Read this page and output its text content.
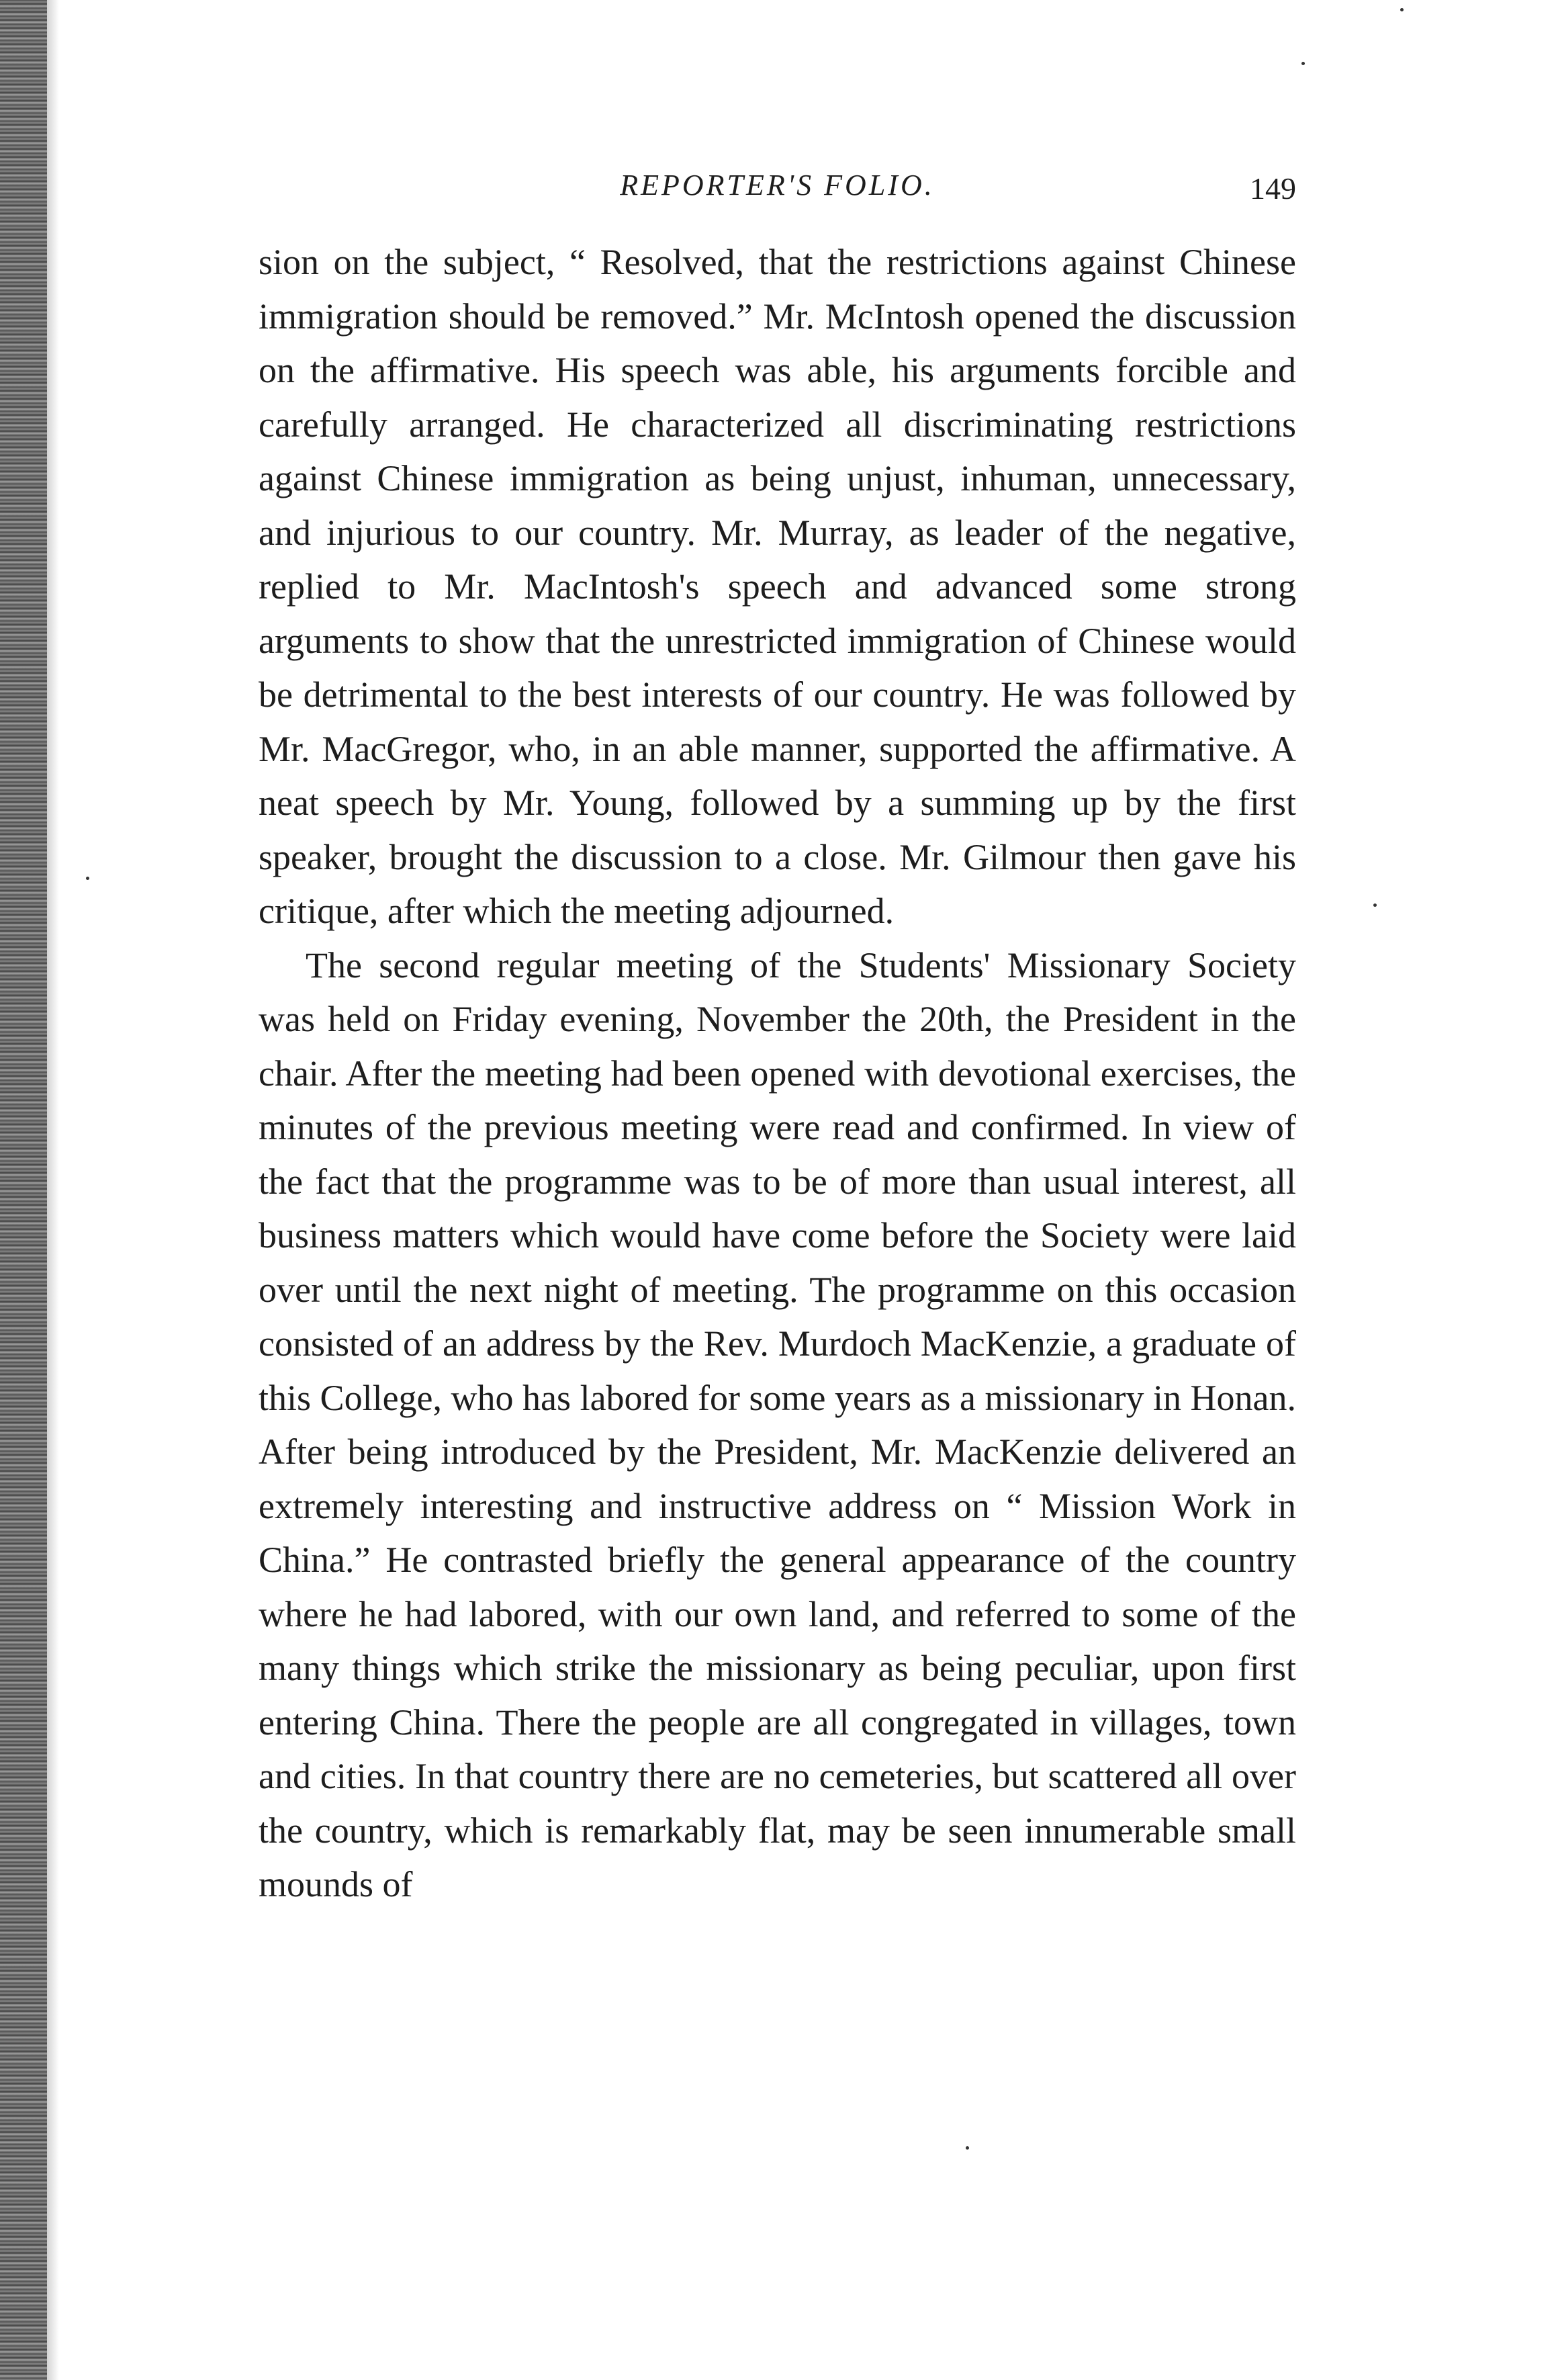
REPORTER'S FOLIO.	149

sion on the subject, “ Resolved, that the restrictions against Chinese immigration should be removed.” Mr. McIntosh opened the discussion on the affirmative. His speech was able, his arguments forcible and carefully arranged. He characterized all discriminating restrictions against Chinese immigration as being unjust, inhuman, unnecessary, and injurious to our country. Mr. Murray, as leader of the negative, replied to Mr. MacIntosh's speech and advanced some strong arguments to show that the unrestricted immigration of Chinese would be detrimental to the best interests of our country. He was followed by Mr. MacGregor, who, in an able manner, supported the affirmative. A neat speech by Mr. Young, followed by a summing up by the first speaker, brought the discussion to a close. Mr. Gilmour then gave his critique, after which the meeting adjourned.

The second regular meeting of the Students' Missionary Society was held on Friday evening, November the 20th, the President in the chair. After the meeting had been opened with devotional exercises, the minutes of the previous meeting were read and confirmed. In view of the fact that the programme was to be of more than usual interest, all business matters which would have come before the Society were laid over until the next night of meeting. The programme on this occasion consisted of an address by the Rev. Murdoch MacKenzie, a graduate of this College, who has labored for some years as a missionary in Honan. After being introduced by the President, Mr. MacKenzie delivered an extremely interesting and instructive address on “ Mission Work in China.” He contrasted briefly the general appearance of the country where he had labored, with our own land, and referred to some of the many things which strike the missionary as being peculiar, upon first entering China. There the people are all congregated in villages, town and cities. In that country there are no cemeteries, but scattered all over the country, which is remarkably flat, may be seen innumerable small mounds of
